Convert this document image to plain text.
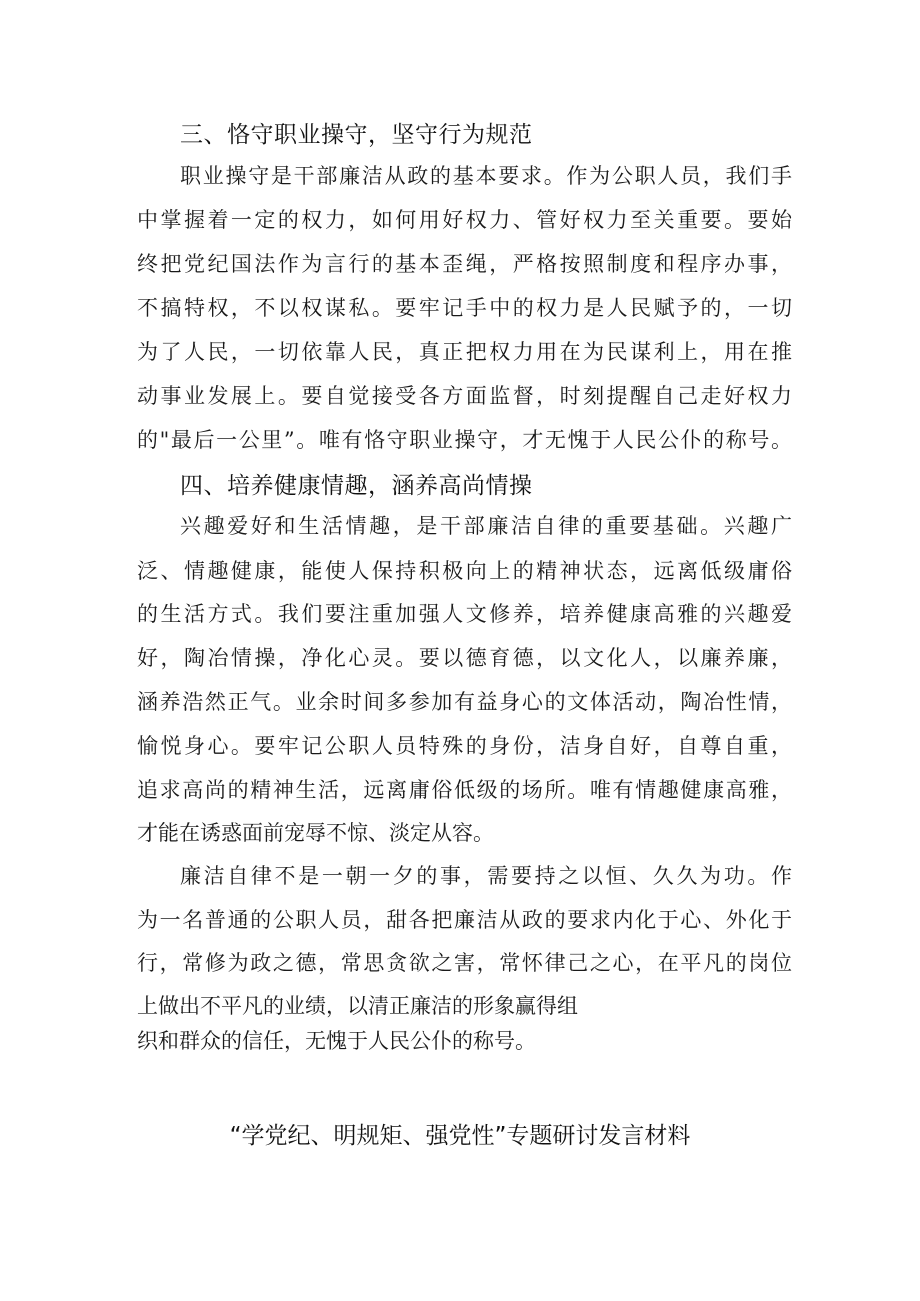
三、恪守职业操守，坚守行为规范
职业操守是干部廉洁从政的基本要求。作为公职人员，我们手
中掌握着一定的权力，如何用好权力、管好权力至关重要。要始
终把党纪国法作为言行的基本歪绳，严格按照制度和程序办事，
不搞特权，不以权谋私。要牢记手中的权力是人民赋予的，一切
为了人民，一切依靠人民，真正把权力用在为民谋利上，用在推
动事业发展上。要自觉接受各方面监督，时刻提醒自己走好权力
的"最后一公里”。唯有恪守职业操守，才无愧于人民公仆的称号。
四、培养健康情趣，涵养高尚情操
兴趣爱好和生活情趣，是干部廉洁自律的重要基础。兴趣广
泛、情趣健康，能使人保持积极向上的精神状态，远离低级庸俗
的生活方式。我们要注重加强人文修养，培养健康高雅的兴趣爱
好，陶冶情操，净化心灵。要以德育德，以文化人，以廉养廉，
涵养浩然正气。业余时间多参加有益身心的文体活动，陶冶性情，
愉悦身心。要牢记公职人员特殊的身份，洁身自好，自尊自重，
追求高尚的精神生活，远离庸俗低级的场所。唯有情趣健康高雅，
才能在诱惑面前宠辱不惊、淡定从容。
廉洁自律不是一朝一夕的事，需要持之以恒、久久为功。作
为一名普通的公职人员，甜各把廉洁从政的要求内化于心、外化于
行，常修为政之德，常思贪欲之害，常怀律己之心，在平凡的岗位
上做出不平凡的业绩，以清正廉洁的形象赢得组
织和群众的信任，无愧于人民公仆的称号。
“学党纪、明规矩、强党性”专题研讨发言材料
